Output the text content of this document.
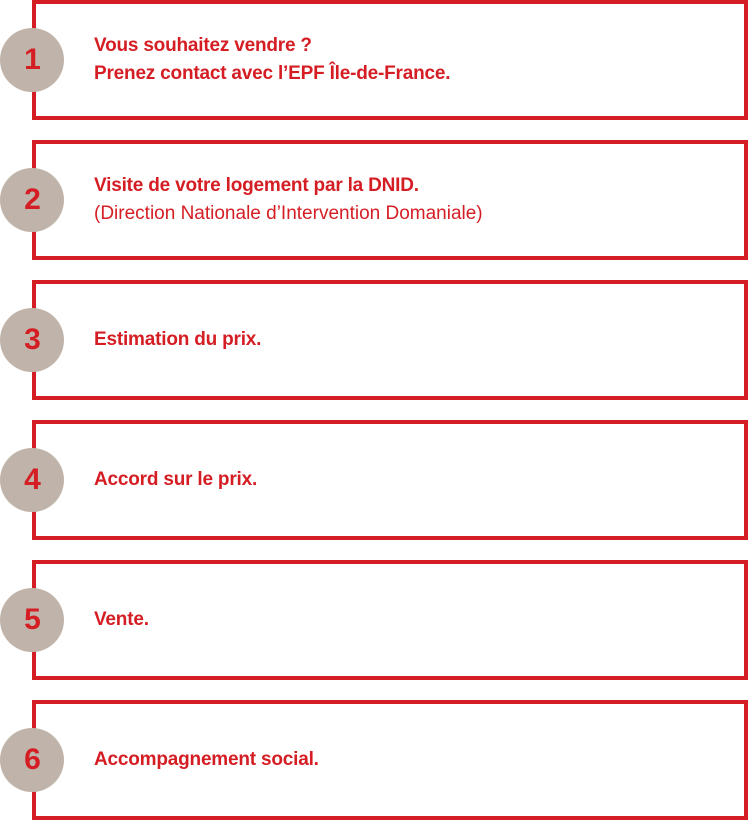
1	Vous souhaitez vendre ?
Prenez contact avec l’EPF Île-de-France.
2	Visite de votre logement par la DNID.
(Direction Nationale d’Intervention Domaniale)
3	Estimation du prix.
4	Accord sur le prix.
5	Vente.
6	Accompagnement social.
